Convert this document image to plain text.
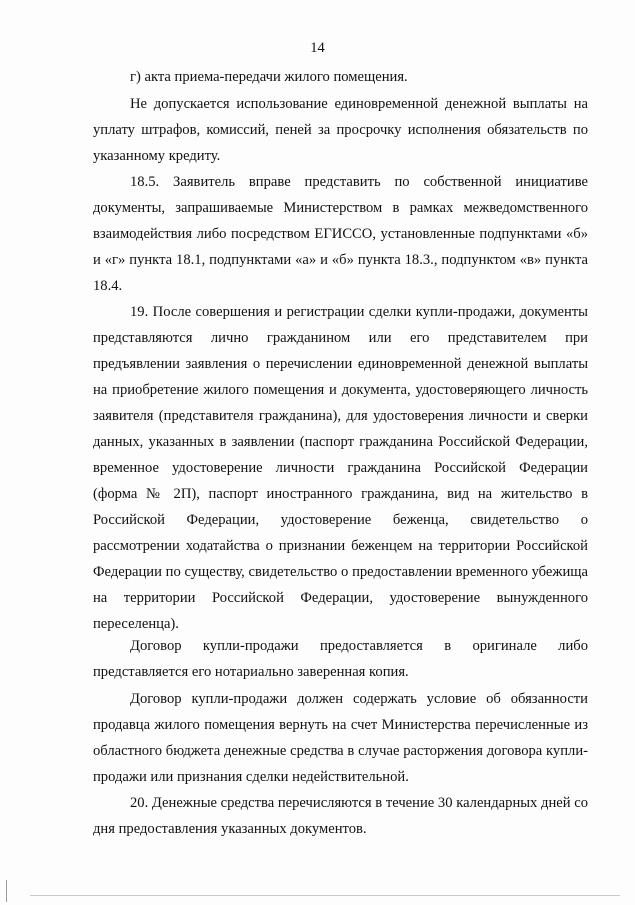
14

г) акта приема-передачи жилого помещения.

Не допускается использование единовременной денежной выплаты на уплату штрафов, комиссий, пеней за просрочку исполнения обязательств по указанному кредиту.

18.5. Заявитель вправе представить по собственной инициативе документы, запрашиваемые Министерством в рамках межведомственного взаимодействия либо посредством ЕГИССО, установленные подпунктами «б» и «г» пункта 18.1, подпунктами «а» и «б» пункта 18.3., подпунктом «в» пункта 18.4.

19. После совершения и регистрации сделки купли-продажи, документы представляются лично гражданином или его представителем при предъявлении заявления о перечислении единовременной денежной выплаты на приобретение жилого помещения и документа, удостоверяющего личность заявителя (представителя гражданина), для удостоверения личности и сверки данных, указанных в заявлении (паспорт гражданина Российской Федерации, временное удостоверение личности гражданина Российской Федерации (форма № 2П), паспорт иностранного гражданина, вид на жительство в Российской Федерации, удостоверение беженца, свидетельство о рассмотрении ходатайства о признании беженцем на территории Российской Федерации по существу, свидетельство о предоставлении временного убежища на территории Российской Федерации, удостоверение вынужденного переселенца).

Договор купли-продажи предоставляется в оригинале либо представляется его нотариально заверенная копия.

Договор купли-продажи должен содержать условие об обязанности продавца жилого помещения вернуть на счет Министерства перечисленные из областного бюджета денежные средства в случае расторжения договора купли-продажи или признания сделки недействительной.

20. Денежные средства перечисляются в течение 30 календарных дней со дня предоставления указанных документов.
